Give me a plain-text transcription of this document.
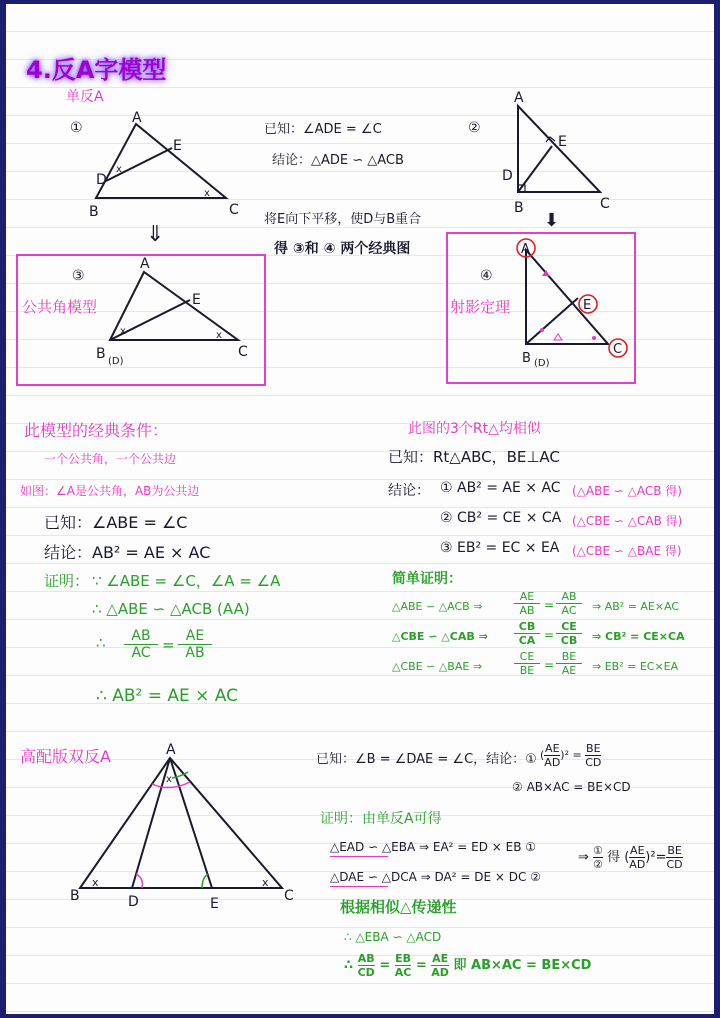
4.反A字模型
单反A
①
A
E
D
B	C
x
x
已知：∠ADE = ∠C
结论：△ADE ∽ △ACB
②
A
E
D
B	C
⇓
⬇
将E向下平移，使D与B重合
得 ③和 ④ 两个经典图
③
公共角模型
A
E
B (D)
C
x	x
④
射影定理
A
E
C
B (D)
此模型的经典条件：
一个公共角，一个公共边
如图：∠A是公共角，AB为公共边
已知：∠ABE = ∠C
结论：AB² = AE × AC
证明： ∵ ∠ABE = ∠C，∠A = ∠A
∴ △ABE ∽ △ACB (AA)
∴	AB
AC = AE
AB
∴ AB² = AE × AC
此图的3个Rt△均相似
已知：Rt△ABC，BE⊥AC
结论： ① AB² = AE × AC (△ABE ∽ △ACB 得)
② CB² = CE × CA (△CBE ∽ △CAB 得)
③ EB² = EC × EA (△CBE ∽ △BAE 得)
简单证明：
△ABE ∽ △ACB ⇒
AE
AB =
AB
AC	⇒ AB² = AE×AC
△CBE ∽ △CAB ⇒
CB
CA =
CE
CB	⇒ CB² = CE×CA
△CBE ∽ △BAE ⇒
CE
BE =
BE
AE	⇒ EB² = EC×EA
高配版双反A	A
x
x	x
B	D	E	C
已知：∠B = ∠DAE = ∠C，结论：① ( $\frac{AE}{AD} )^2 = \frac{BE}{CD}$
② AB×AC = BE×CD
证明：由单反A可得
△EAD ∽ △EBA ⇒ EA² = ED × EB ①
△DAE ∽ △DCA ⇒ DA² = DE × DC ②
⇒ ①
② 得 ( $\frac{AE}{AD} )^2= \frac{BE}{CD}$
根据相似△传递性
∴ △EBA ∽ △ACD
∴ $\frac{AB}{CD} = \frac{EB}{AC} = \frac{AE}{AD}$ 即 AB×AC = BE×CD
